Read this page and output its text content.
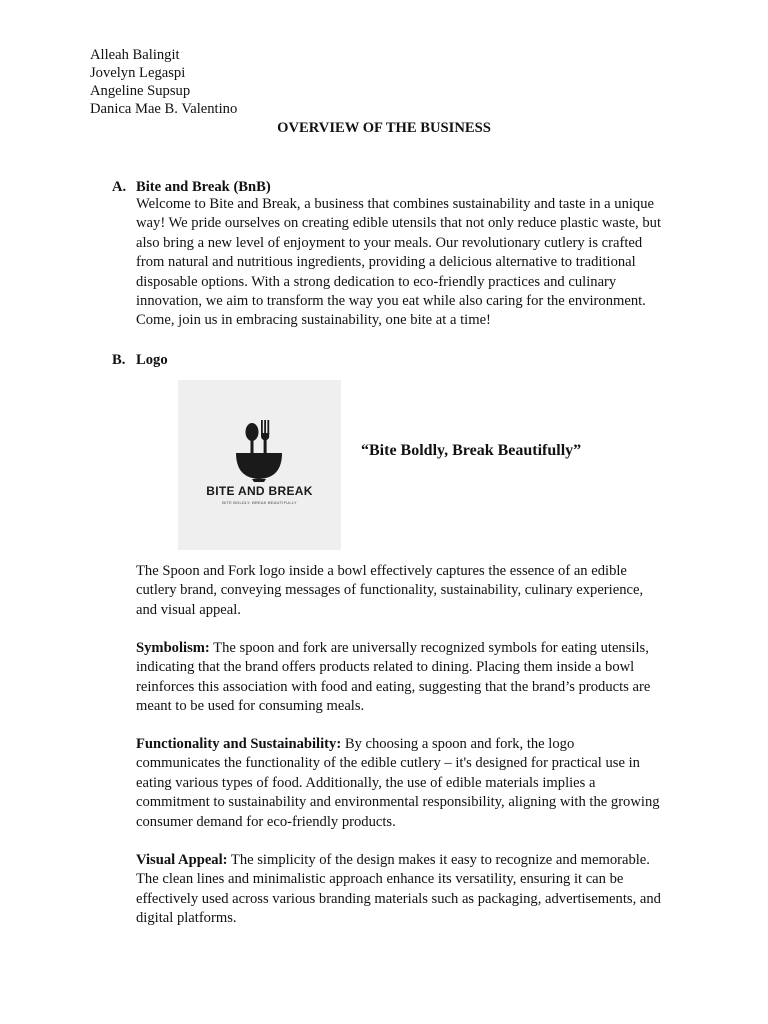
Alleah Balingit
Jovelyn Legaspi
Angeline Supsup
Danica Mae B. Valentino
OVERVIEW OF THE BUSINESS
A. Bite and Break (BnB)

Welcome to Bite and Break, a business that combines sustainability and taste in a unique

way! We pride ourselves on creating edible utensils that not only reduce plastic waste, but

also bring a new level of enjoyment to your meals. Our revolutionary cutlery is crafted

from natural and nutritious ingredients, providing a delicious alternative to traditional

disposable options. With a strong dedication to eco-friendly practices and culinary

innovation, we aim to transform the way you eat while also caring for the environment.

Come, join us in embracing sustainability, one bite at a time!

B. Logo
BITE AND BREAK
BITE BOLDLY, BREAK BEAUTIFULLY
“Bite Boldly, Break Beautifully”

The Spoon and Fork logo inside a bowl effectively captures the essence of an edible

cutlery brand, conveying messages of functionality, sustainability, culinary experience,

and visual appeal.

Symbolism: The spoon and fork are universally recognized symbols for eating utensils,

indicating that the brand offers products related to dining. Placing them inside a bowl

reinforces this association with food and eating, suggesting that the brand’s products are

meant to be used for consuming meals.

Functionality and Sustainability: By choosing a spoon and fork, the logo

communicates the functionality of the edible cutlery – it's designed for practical use in

eating various types of food. Additionally, the use of edible materials implies a

commitment to sustainability and environmental responsibility, aligning with the growing

consumer demand for eco-friendly products.

Visual Appeal: The simplicity of the design makes it easy to recognize and memorable.

The clean lines and minimalistic approach enhance its versatility, ensuring it can be

effectively used across various branding materials such as packaging, advertisements, and

digital platforms.
